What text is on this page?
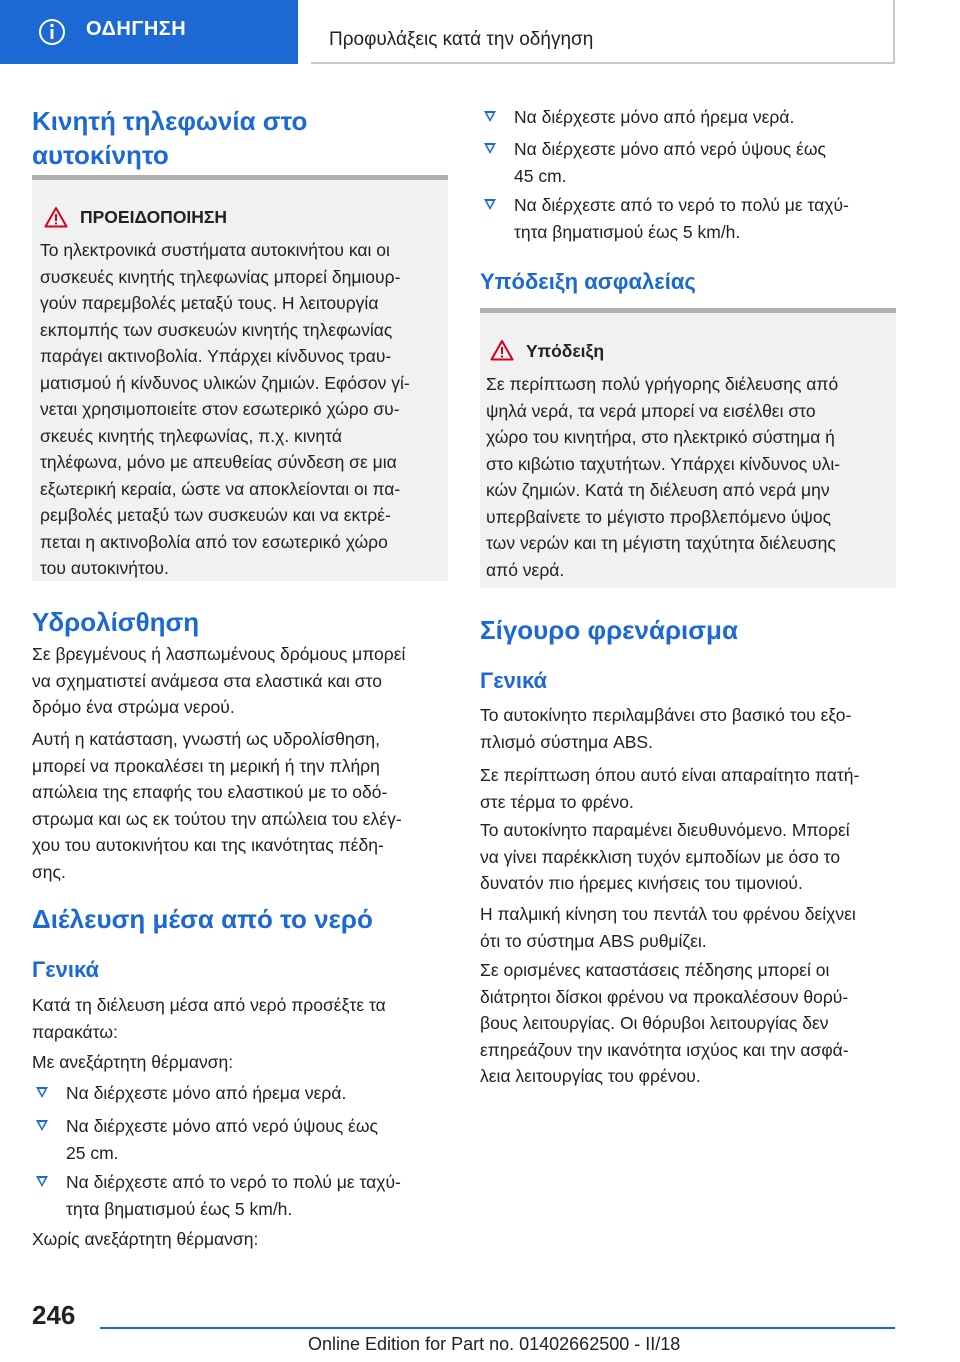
ΟΔΗΓΗΣΗ	Προφυλάξεις κατά την οδήγηση
Κινητή τηλεφωνία στο
αυτοκίνητο
ΠΡΟΕΙΔΟΠΟΙΗΣΗ
Το ηλεκτρονικά συστήματα αυτοκινήτου και οι
συσκευές κινητής τηλεφωνίας μπορεί δημιουρ-
γούν παρεμβολές μεταξύ τους. Η λειτουργία
εκπομπής των συσκευών κινητής τηλεφωνίας
παράγει ακτινοβολία. Υπάρχει κίνδυνος τραυ-
ματισμού ή κίνδυνος υλικών ζημιών. Εφόσον γί-
νεται χρησιμοποιείτε στον εσωτερικό χώρο συ-
σκευές κινητής τηλεφωνίας, π.χ. κινητά
τηλέφωνα, μόνο με απευθείας σύνδεση σε μια
εξωτερική κεραία, ώστε να αποκλείονται οι πα-
ρεμβολές μεταξύ των συσκευών και να εκτρέ-
πεται η ακτινοβολία από τον εσωτερικό χώρο
του αυτοκινήτου.
Υδρολίσθηση
Σε βρεγμένους ή λασπωμένους δρόμους μπορεί
να σχηματιστεί ανάμεσα στα ελαστικά και στο
δρόμο ένα στρώμα νερού.
Αυτή η κατάσταση, γνωστή ως υδρολίσθηση,
μπορεί να προκαλέσει τη μερική ή την πλήρη
απώλεια της επαφής του ελαστικού με το οδό-
στρωμα και ως εκ τούτου την απώλεια του ελέγ-
χου του αυτοκινήτου και της ικανότητας πέδη-
σης.
Διέλευση μέσα από το νερό
Γενικά
Κατά τη διέλευση μέσα από νερό προσέξτε τα
παρακάτω:
Με ανεξάρτητη θέρμανση:
Να διέρχεστε μόνο από ήρεμα νερά.
Να διέρχεστε μόνο από νερό ύψους έως
25 cm.
Να διέρχεστε από το νερό το πολύ με ταχύ-
τητα βηματισμού έως 5 km/h.
Χωρίς ανεξάρτητη θέρμανση:
Να διέρχεστε μόνο από ήρεμα νερά.
Να διέρχεστε μόνο από νερό ύψους έως
45 cm.
Να διέρχεστε από το νερό το πολύ με ταχύ-
τητα βηματισμού έως 5 km/h.
Υπόδειξη ασφαλείας
Υπόδειξη
Σε περίπτωση πολύ γρήγορης διέλευσης από
ψηλά νερά, τα νερά μπορεί να εισέλθει στο
χώρο του κινητήρα, στο ηλεκτρικό σύστημα ή
στο κιβώτιο ταχυτήτων. Υπάρχει κίνδυνος υλι-
κών ζημιών. Κατά τη διέλευση από νερά μην
υπερβαίνετε το μέγιστο προβλεπόμενο ύψος
των νερών και τη μέγιστη ταχύτητα διέλευσης
από νερά.
Σίγουρο φρενάρισμα
Γενικά
Το αυτοκίνητο περιλαμβάνει στο βασικό του εξο-
πλισμό σύστημα ABS.
Σε περίπτωση όπου αυτό είναι απαραίτητο πατή-
στε τέρμα το φρένο.
Το αυτοκίνητο παραμένει διευθυνόμενο. Μπορεί
να γίνει παρέκκλιση τυχόν εμποδίων με όσο το
δυνατόν πιο ήρεμες κινήσεις του τιμονιού.
Η παλμική κίνηση του πεντάλ του φρένου δείχνει
ότι το σύστημα ABS ρυθμίζει.
Σε ορισμένες καταστάσεις πέδησης μπορεί οι
διάτρητοι δίσκοι φρένου να προκαλέσουν θορύ-
βους λειτουργίας. Οι θόρυβοι λειτουργίας δεν
επηρεάζουν την ικανότητα ισχύος και την ασφά-
λεια λειτουργίας του φρένου.
246
Online Edition for Part no. 01402662500 - II/18
